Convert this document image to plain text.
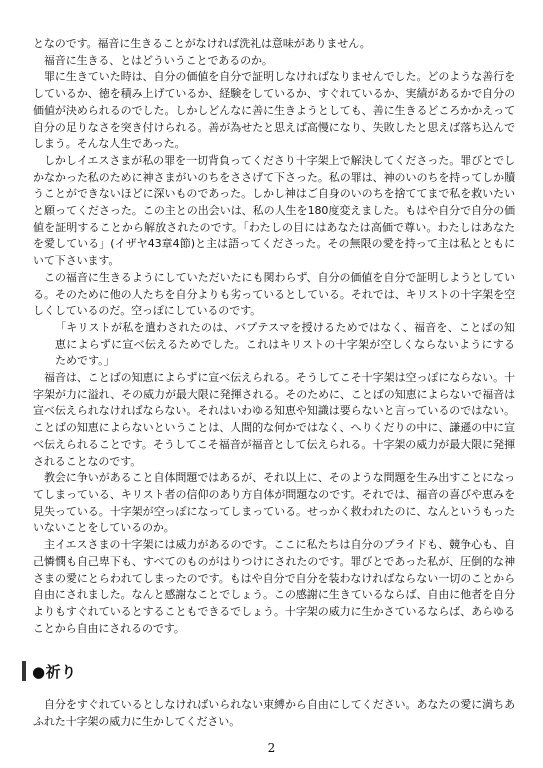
となのです。福音に生きることがなければ洗礼は意味がありません。

　福音に生きる、とはどういうことであるのか。

　罪に生きていた時は、自分の価値を自分で証明しなければなりませんでした。どのような善行をしているか、徳を積み上げているか、経験をしているか、すぐれているか、実績があるかで自分の価値が決められるのでした。しかしどんなに善に生きようとしても、善に生きるどころかかえって自分の足りなさを突き付けられる。善が為せたと思えば高慢になり、失敗したと思えば落ち込んでしまう。そんな人生であった。

　しかしイエスさまが私の罪を一切背負ってくださり十字架上で解決してくださった。罪びとでしかなかった私のために神さまがいのちをささげて下さった。私の罪は、神のいのちを持ってしか贖うことができないほどに深いものであった。しかし神はご自身のいのちを捨ててまで私を救いたいと願ってくださった。この主との出会いは、私の人生を180度変えました。もはや自分で自分の価値を証明することから解放されたのです。「わたしの目にはあなたは高価で尊い。わたしはあなたを愛している」(イザヤ43章4節)と主は語ってくださった。その無限の愛を持って主は私とともにいて下さいます。

　この福音に生きるようにしていただいたにも関わらず、自分の価値を自分で証明しようとしている。そのために他の人たちを自分よりも劣っているとしている。それでは、キリストの十字架を空しくしているのだ。空っぽにしているのです。

「キリストが私を遣わされたのは、バプテスマを授けるためではなく、福音を、ことばの知恵によらずに宣べ伝えるためでした。これはキリストの十字架が空しくならないようにするためです。」

　福音は、ことばの知恵によらずに宣べ伝えられる。そうしてこそ十字架は空っぽにならない。十字架が力に溢れ、その威力が最大限に発揮される。そのために、ことばの知恵によらないで福音は宣べ伝えられなければならない。それはいわゆる知恵や知識は要らないと言っているのではない。ことばの知恵によらないということは、人間的な何かではなく、へりくだりの中に、謙遜の中に宣べ伝えられることです。そうしてこそ福音が福音として伝えられる。十字架の威力が最大限に発揮されることなのです。

　教会に争いがあること自体問題ではあるが、それ以上に、そのような問題を生み出すことになってしまっている、キリスト者の信仰のあり方自体が問題なのです。それでは、福音の喜びや恵みを見失っている。十字架が空っぽになってしまっている。せっかく救われたのに、なんというもったいないことをしているのか。

　主イエスさまの十字架には威力があるのです。ここに私たちは自分のプライドも、競争心も、自己憐憫も自己卑下も、すべてのものがはりつけにされたのです。罪びとであった私が、圧倒的な神さまの愛にとらわれてしまったのです。もはや自分で自分を装わなければならない一切のことから自由にされました。なんと感謝なことでしょう。この感謝に生きているならば、自由に他者を自分よりもすぐれているとすることもできるでしょう。十字架の威力に生かさているならば、あらゆることから自由にされるのです。

●祈り

　自分をすぐれているとしなければいられない束縛から自由にしてください。あなたの愛に満ちあふれた十字架の威力に生かしてください。

2
